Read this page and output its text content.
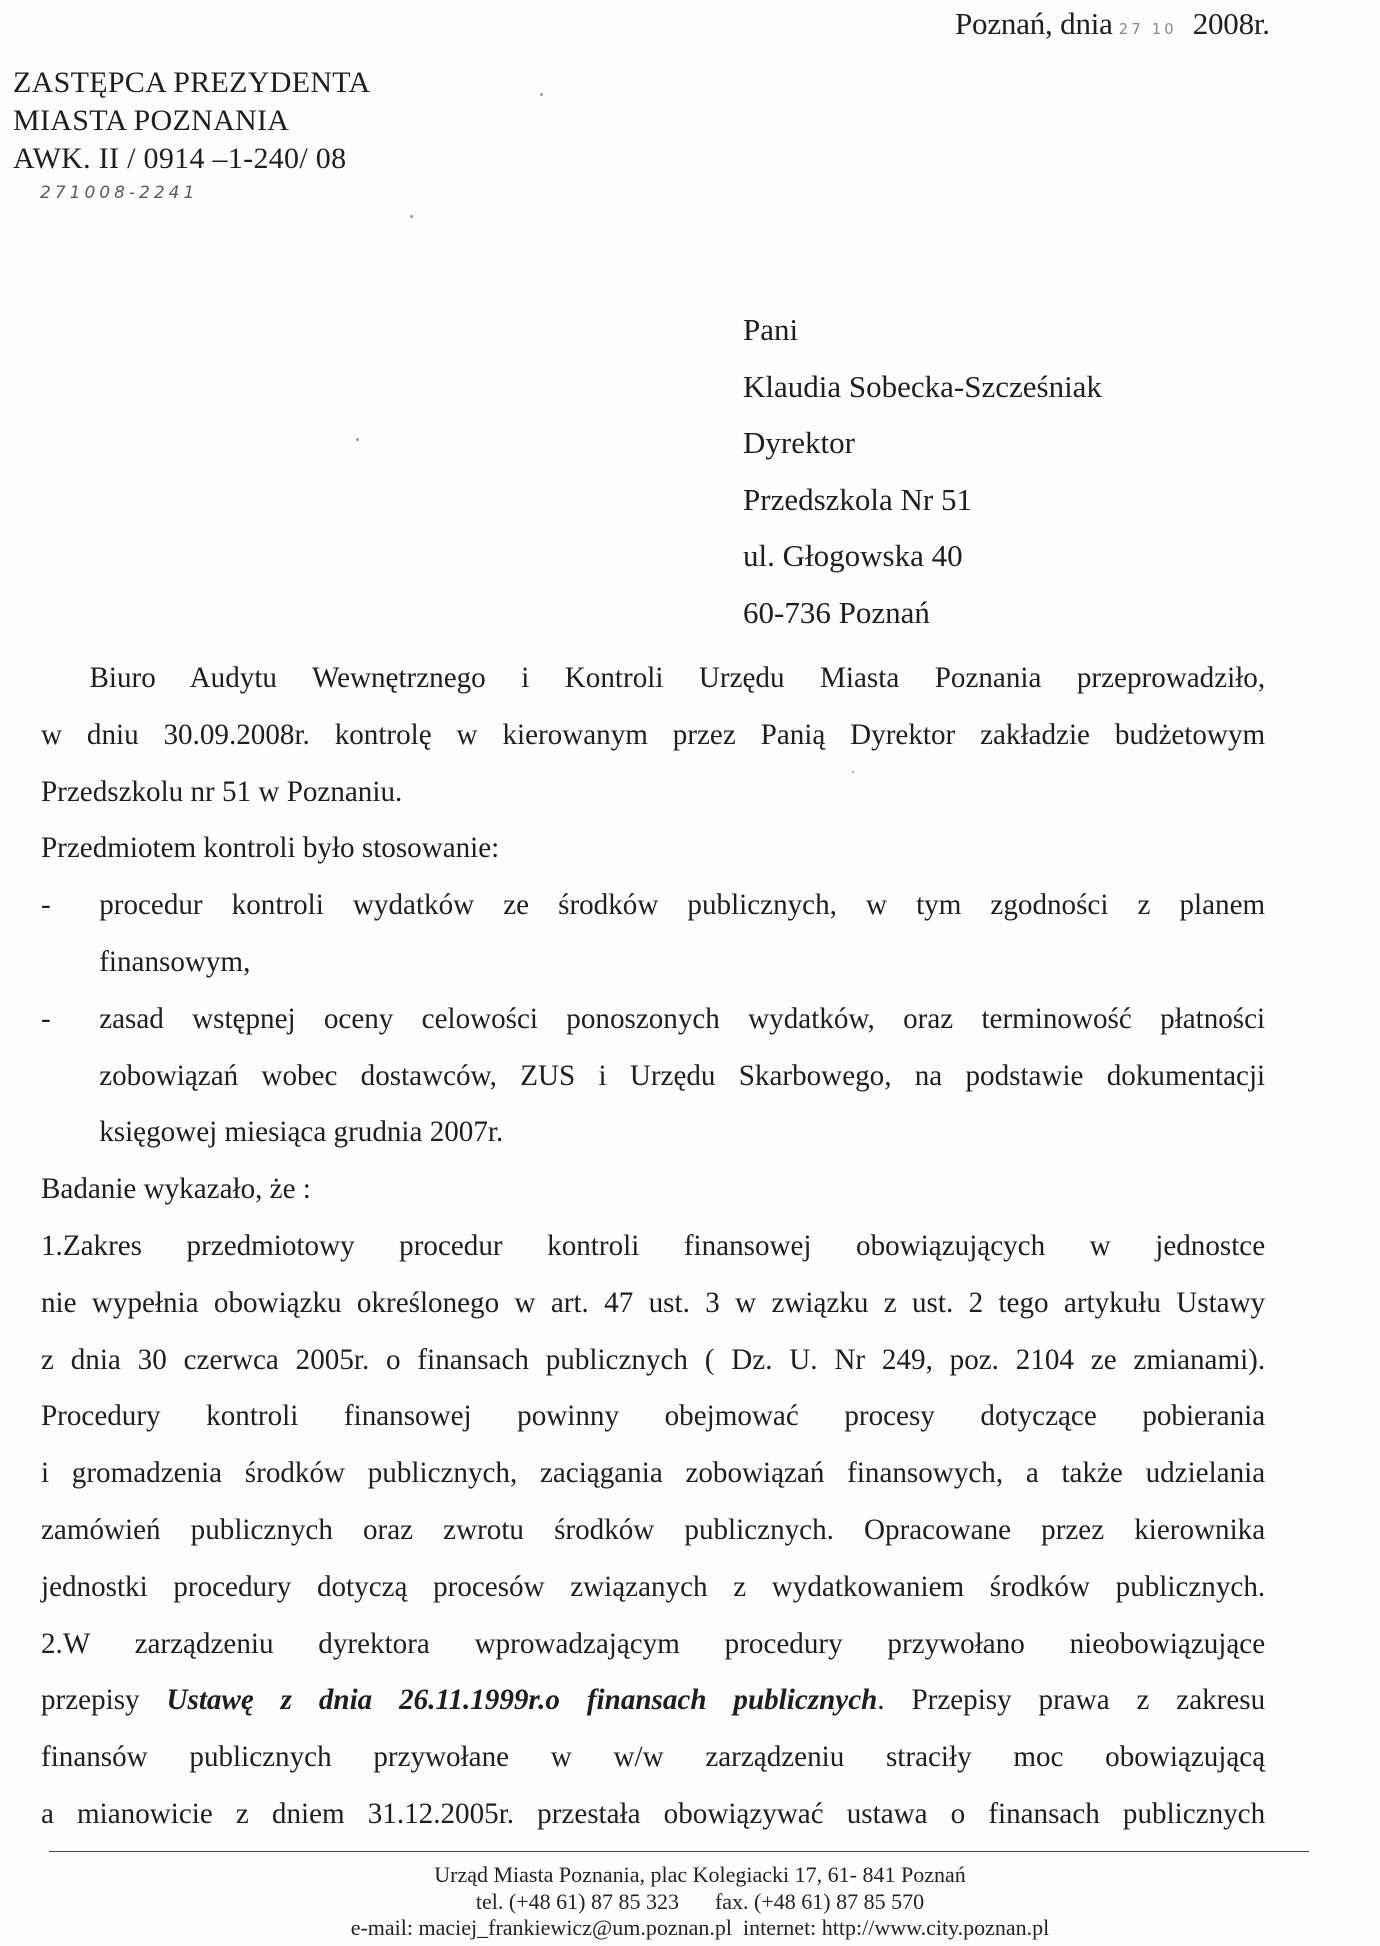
Poznań, dnia 27 10 2008r.
ZASTĘPCA PREZYDENTA
MIASTA POZNANIA
AWK. II / 0914 –1-240/ 08
271008-2241
Pani
Klaudia Sobecka-Szcześniak
Dyrektor
Przedszkola Nr 51
ul. Głogowska 40
60-736 Poznań
Biuro Audytu Wewnętrznego i Kontroli Urzędu Miasta Poznania przeprowadziło,
w dniu 30.09.2008r. kontrolę w kierowanym przez Panią Dyrektor zakładzie budżetowym
Przedszkolu nr 51 w Poznaniu.
Przedmiotem kontroli było stosowanie:
- procedur kontroli wydatków ze środków publicznych, w tym zgodności z planem
finansowym,
- zasad wstępnej oceny celowości ponoszonych wydatków, oraz terminowość płatności
zobowiązań wobec dostawców, ZUS i Urzędu Skarbowego, na podstawie dokumentacji
księgowej miesiąca grudnia 2007r.
Badanie wykazało, że :
1.Zakres przedmiotowy procedur kontroli finansowej obowiązujących w jednostce
nie wypełnia obowiązku określonego w art. 47 ust. 3 w związku z ust. 2 tego artykułu Ustawy
z dnia 30 czerwca 2005r. o finansach publicznych ( Dz. U. Nr 249, poz. 2104 ze zmianami).
Procedury kontroli finansowej powinny obejmować procesy dotyczące pobierania
i gromadzenia środków publicznych, zaciągania zobowiązań finansowych, a także udzielania
zamówień publicznych oraz zwrotu środków publicznych. Opracowane przez kierownika
jednostki procedury dotyczą procesów związanych z wydatkowaniem środków publicznych.
2.W zarządzeniu dyrektora wprowadzającym procedury przywołano nieobowiązujące
przepisy Ustawę z dnia 26.11.1999r.o finansach publicznych. Przepisy prawa z zakresu
finansów publicznych przywołane w w/w zarządzeniu straciły moc obowiązującą
a mianowicie z dniem 31.12.2005r. przestała obowiązywać ustawa o finansach publicznych
Urząd Miasta Poznania, plac Kolegiacki 17, 61- 841 Poznań
tel. (+48 61) 87 85 323 fax. (+48 61) 87 85 570
e-mail: maciej_frankiewicz@um.poznan.pl internet: http://www.city.poznan.pl
